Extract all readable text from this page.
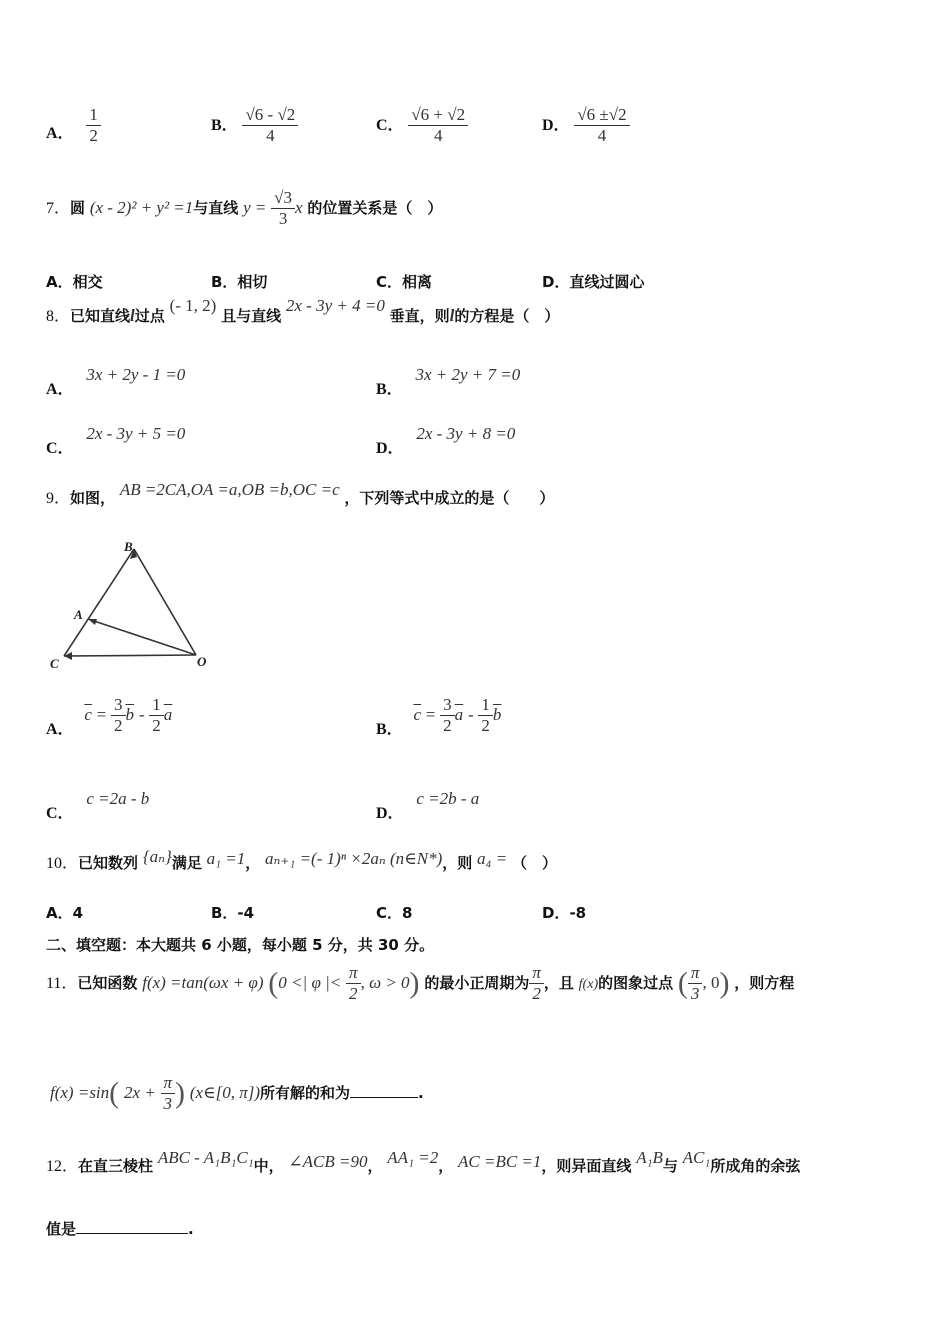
A． $\frac{1}{2}$	B． $\frac{√6 - √2}{4}$	C． $\frac{√6 + √2}{4}$	D． $\frac{√6 \pm√2}{4}$
7．圆 (x - 2)² + y² =1与直线 $y = \frac{√3}{3}$ x 的位置关系是（　）
A．相交	B．相切	C．相离	D．直线过圆心
8．已知直线l过点 (- 1, 2) 且与直线 2x - 3y + 4 =0 垂直，则l的方程是（　）
A． 3x + 2y - 1 =0
B． 3x + 2y + 7 =0
C． 2x - 3y + 5 =0
D． 2x - 3y + 8 =0
9．如图， AB =2CA,OA =a,OB =b,OC =c ，下列等式中成立的是（　　）
B
A
C	O
A． $\overline{c} = \frac{3}{2} \overline{b} - \frac{1}{2} \overline{a}$
B． $\overline{c} = \frac{3}{2} \overline{a} - \frac{1}{2} \overline{b}$
C． c =2a - b
D． c =2b - a
10．已知数列 {aₙ}满足 a₁ =1， aₙ₊₁ =(- 1)ⁿ ×2aₙ (n∈N*)，则 a₄ = （　）
A．4	B．-4	C．8	D．-8
二、填空题：本大题共 6 小题，每小题 5 分，共 30 分。
11．已知函数 f(x) =tan(ωx + φ) (0 <| φ |< $\frac{\pi}{2}$ , ω > 0) 的最小正周期为 $\frac{\pi}{2}$ ，且 f(x)的图象过点 ( $\frac{\pi}{3}$ , 0) ，则方程
f(x) =sin( $2x + \frac{\pi}{3}$ ) (x∈[0, π])所有解的和为	.
12．在直三棱柱 ABC - A₁B₁C₁中， ∠ACB =90， AA₁ =2， AC =BC =1，则异面直线 A₁B与 AC₁所成角的余弦
值是	.
